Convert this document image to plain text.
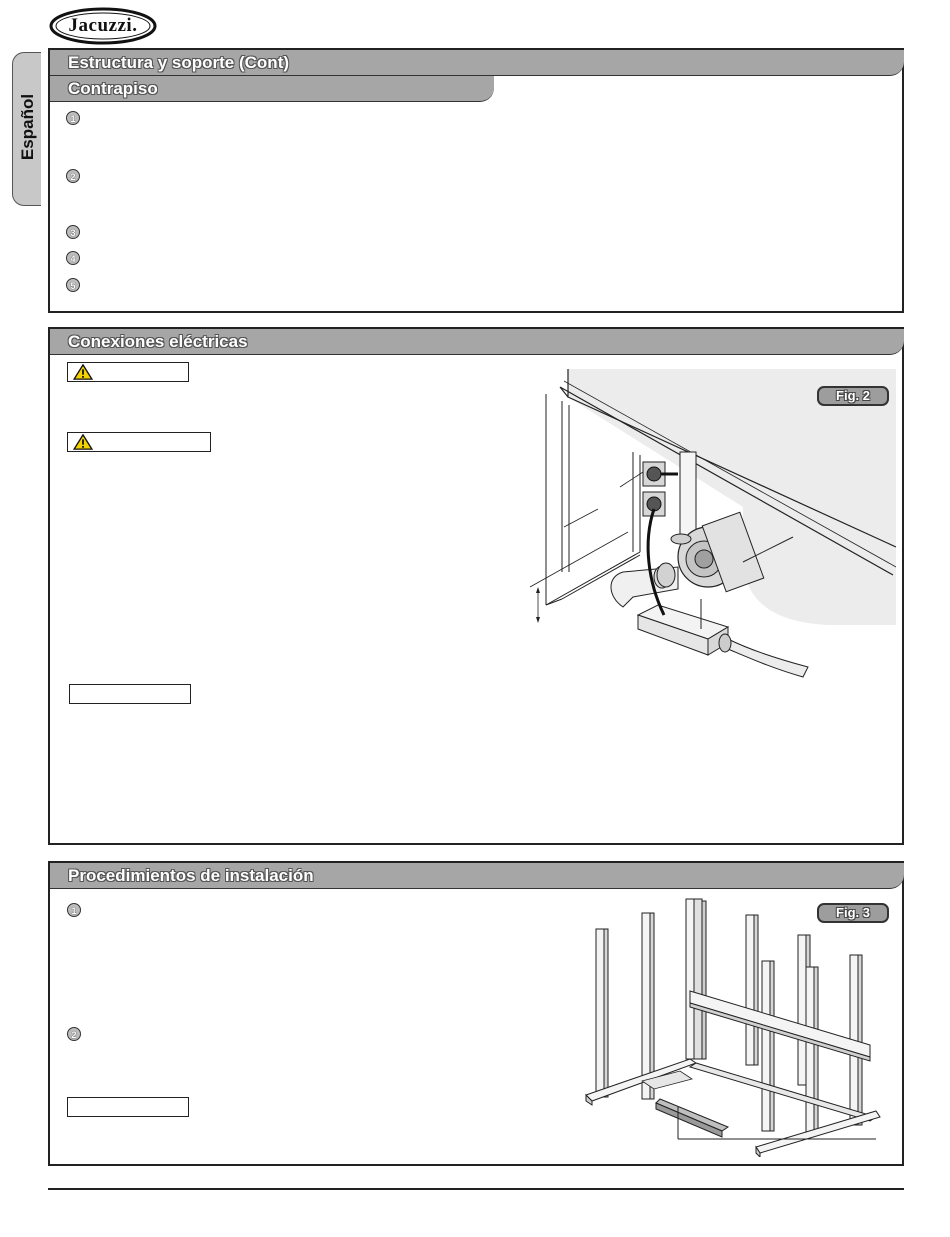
Jacuzzi.
Español
Estructura y soporte (Cont)
Contrapiso
1
2
3
4
5
Conexiones eléctricas
Fig. 2
Procedimientos de instalación
1
2
Fig. 3
